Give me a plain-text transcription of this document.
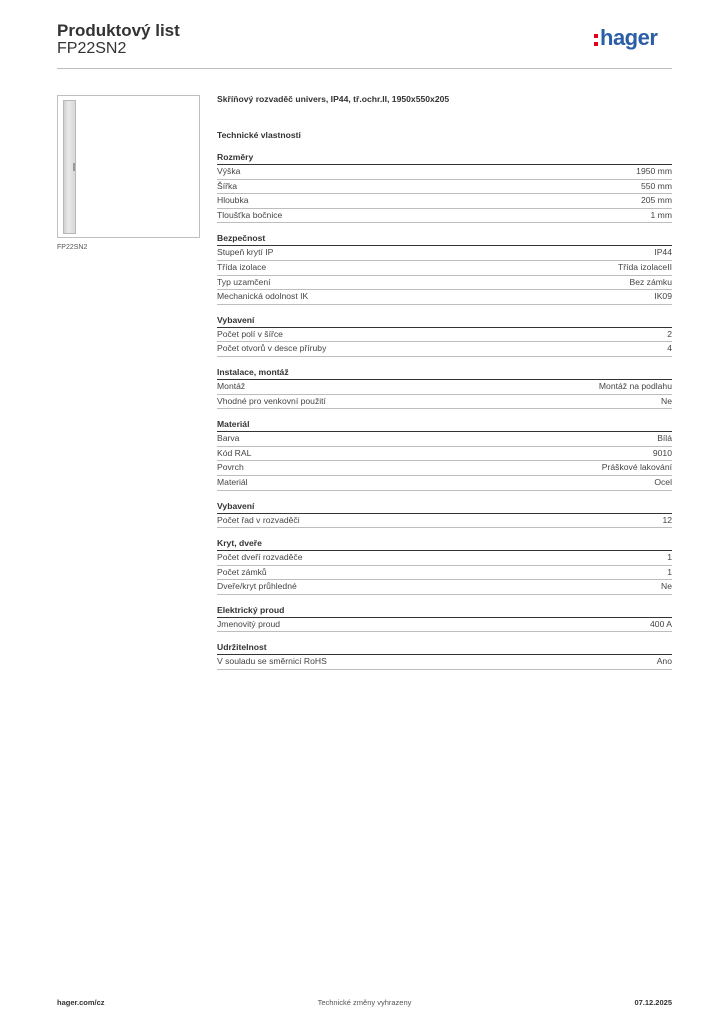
Produktový list
FP22SN2	hager
FP22SN2

Skříňový rozvaděč univers, IP44, tř.ochr.II, 1950x550x205

Technické vlastnosti
Rozměry
Výška	1950 mm
Šířka	550 mm
Hloubka	205 mm
Tloušťka bočnice	1 mm
Bezpečnost
Stupeň krytí IP	IP44
Třída izolace	Třída izolaceII
Typ uzamčení	Bez zámku
Mechanická odolnost IK	IK09
Vybavení
Počet polí v šířce	2
Počet otvorů v desce příruby	4
Instalace, montáž
Montáž	Montáž na podlahu
Vhodné pro venkovní použití	Ne
Materiál
Barva	Bílá
Kód RAL	9010
Povrch	Práškové lakování
Materiál	Ocel
Vybavení
Počet řad v rozvaděči	12
Kryt, dveře
Počet dveří rozvaděče	1
Počet zámků	1
Dveře/kryt průhledné	Ne
Elektrický proud
Jmenovitý proud	400 A
Udržitelnost
V souladu se směrnicí RoHS	Ano
Technické změny vyhrazeny
hager.com/cz	07.12.2025
